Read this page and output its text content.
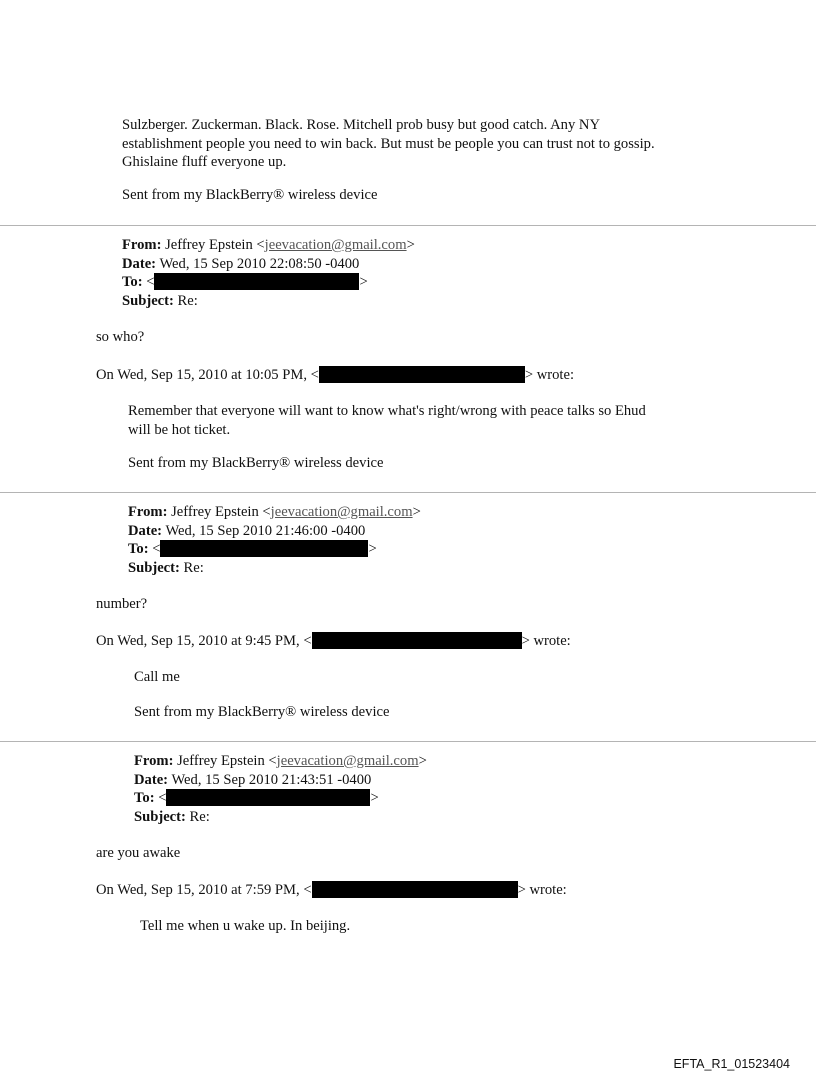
Sulzberger. Zuckerman. Black. Rose. Mitchell prob busy but good catch. Any NY
establishment people you need to win back. But must be people you can trust not to gossip.
Ghislaine fluff everyone up.
Sent from my BlackBerry® wireless device
From: Jeffrey Epstein <jeevacation@gmail.com>
Date: Wed, 15 Sep 2010 22:08:50 -0400
To: <	>
Subject: Re:
so who?
On Wed, Sep 15, 2010 at 10:05 PM, <	> wrote:
Remember that everyone will want to know what's right/wrong with peace talks so Ehud
will be hot ticket.
Sent from my BlackBerry® wireless device
From: Jeffrey Epstein <jeevacation@gmail.com>
Date: Wed, 15 Sep 2010 21:46:00 -0400
To: <	>
Subject: Re:
number?
On Wed, Sep 15, 2010 at 9:45 PM, <	> wrote:
Call me
Sent from my BlackBerry® wireless device
From: Jeffrey Epstein <jeevacation@gmail.com>
Date: Wed, 15 Sep 2010 21:43:51 -0400
To: <	>
Subject: Re:
are you awake
On Wed, Sep 15, 2010 at 7:59 PM, <	> wrote:
Tell me when u wake up. In beijing.
EFTA_R1_01523404
